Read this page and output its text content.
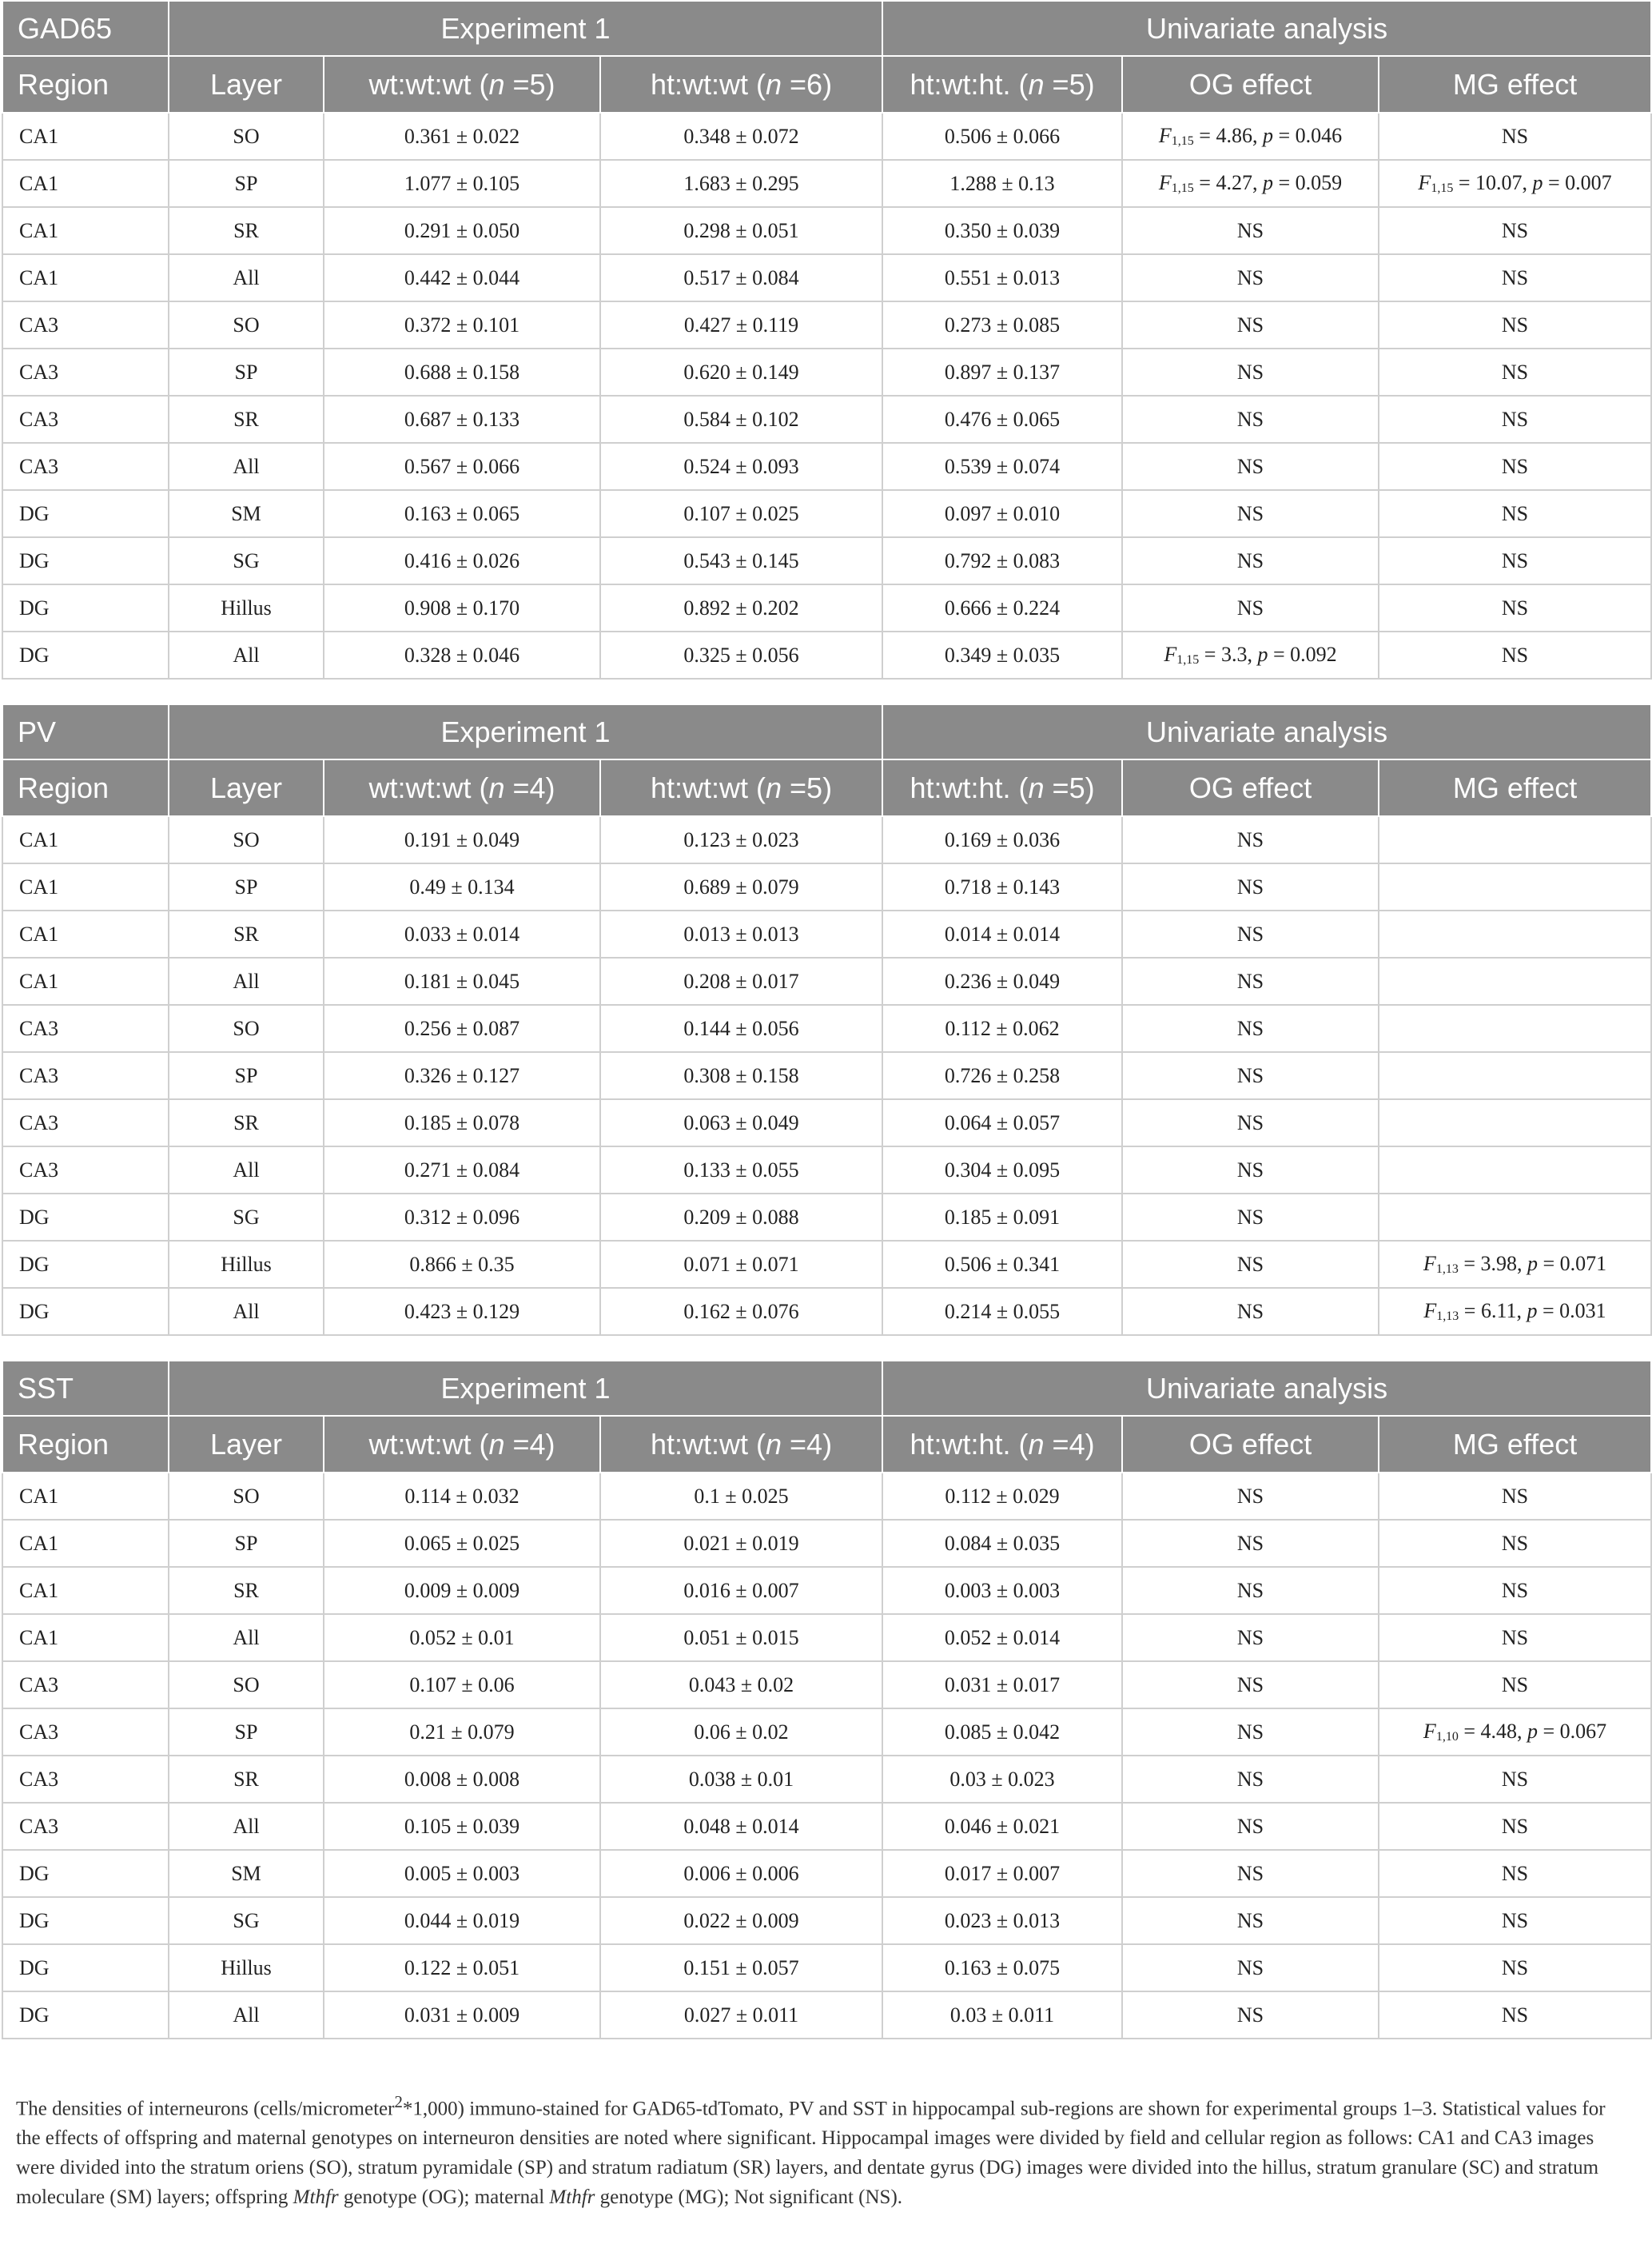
GAD65	Experiment 1			Univariate analysis		
Region	Layer	wt:wt:wt (n =5)	ht:wt:wt (n =6)	ht:wt:ht. (n =5)	OG effect	MG effect
CA1	SO	0.361 ± 0.022	0.348 ± 0.072	0.506 ± 0.066	$F_{1,15} = 4.86$, p = 0.046	NS
CA1	SP	1.077 ± 0.105	1.683 ± 0.295	1.288 ± 0.13	$F_{1,15} = 4.27$, p = 0.059	$F_{1,15} = 10.07$, p = 0.007
CA1	SR	0.291 ± 0.050	0.298 ± 0.051	0.350 ± 0.039	NS	NS
CA1	All	0.442 ± 0.044	0.517 ± 0.084	0.551 ± 0.013	NS	NS
CA3	SO	0.372 ± 0.101	0.427 ± 0.119	0.273 ± 0.085	NS	NS
CA3	SP	0.688 ± 0.158	0.620 ± 0.149	0.897 ± 0.137	NS	NS
CA3	SR	0.687 ± 0.133	0.584 ± 0.102	0.476 ± 0.065	NS	NS
CA3	All	0.567 ± 0.066	0.524 ± 0.093	0.539 ± 0.074	NS	NS
DG	SM	0.163 ± 0.065	0.107 ± 0.025	0.097 ± 0.010	NS	NS
DG	SG	0.416 ± 0.026	0.543 ± 0.145	0.792 ± 0.083	NS	NS
DG	Hillus	0.908 ± 0.170	0.892 ± 0.202	0.666 ± 0.224	NS	NS
DG	All	0.328 ± 0.046	0.325 ± 0.056	0.349 ± 0.035	$F_{1,15} = 3.3$, p = 0.092	NS
PV	Experiment 1			Univariate analysis		
Region	Layer	wt:wt:wt (n =4)	ht:wt:wt (n =5)	ht:wt:ht. (n =5)	OG effect	MG effect
CA1	SO	0.191 ± 0.049	0.123 ± 0.023	0.169 ± 0.036	NS	
CA1	SP	0.49 ± 0.134	0.689 ± 0.079	0.718 ± 0.143	NS	
CA1	SR	0.033 ± 0.014	0.013 ± 0.013	0.014 ± 0.014	NS	
CA1	All	0.181 ± 0.045	0.208 ± 0.017	0.236 ± 0.049	NS	
CA3	SO	0.256 ± 0.087	0.144 ± 0.056	0.112 ± 0.062	NS	
CA3	SP	0.326 ± 0.127	0.308 ± 0.158	0.726 ± 0.258	NS	
CA3	SR	0.185 ± 0.078	0.063 ± 0.049	0.064 ± 0.057	NS	
CA3	All	0.271 ± 0.084	0.133 ± 0.055	0.304 ± 0.095	NS	
DG	SG	0.312 ± 0.096	0.209 ± 0.088	0.185 ± 0.091	NS	
DG	Hillus	0.866 ± 0.35	0.071 ± 0.071	0.506 ± 0.341	NS	$F_{1,13} = 3.98$, p = 0.071
DG	All	0.423 ± 0.129	0.162 ± 0.076	0.214 ± 0.055	NS	$F_{1,13} = 6.11$, p = 0.031
SST	Experiment 1			Univariate analysis		
Region	Layer	wt:wt:wt (n =4)	ht:wt:wt (n =4)	ht:wt:ht. (n =4)	OG effect	MG effect
CA1	SO	0.114 ± 0.032	0.1 ± 0.025	0.112 ± 0.029	NS	NS
CA1	SP	0.065 ± 0.025	0.021 ± 0.019	0.084 ± 0.035	NS	NS
CA1	SR	0.009 ± 0.009	0.016 ± 0.007	0.003 ± 0.003	NS	NS
CA1	All	0.052 ± 0.01	0.051 ± 0.015	0.052 ± 0.014	NS	NS
CA3	SO	0.107 ± 0.06	0.043 ± 0.02	0.031 ± 0.017	NS	NS
CA3	SP	0.21 ± 0.079	0.06 ± 0.02	0.085 ± 0.042	NS	$F_{1,10} = 4.48$, p = 0.067
CA3	SR	0.008 ± 0.008	0.038 ± 0.01	0.03 ± 0.023	NS	NS
CA3	All	0.105 ± 0.039	0.048 ± 0.014	0.046 ± 0.021	NS	NS
DG	SM	0.005 ± 0.003	0.006 ± 0.006	0.017 ± 0.007	NS	NS
DG	SG	0.044 ± 0.019	0.022 ± 0.009	0.023 ± 0.013	NS	NS
DG	Hillus	0.122 ± 0.051	0.151 ± 0.057	0.163 ± 0.075	NS	NS
DG	All	0.031 ± 0.009	0.027 ± 0.011	0.03 ± 0.011	NS	NS

The densities of interneurons (cells/micrometer$^2$*1,000) immuno-stained for GAD65-tdTomato, PV and SST in hippocampal sub-regions are shown for experimental groups 1–3. Statistical values for the effects of offspring and maternal genotypes on interneuron densities are noted where significant. Hippocampal images were divided by field and cellular region as follows: CA1 and CA3 images were divided into the stratum oriens (SO), stratum pyramidale (SP) and stratum radiatum (SR) layers, and dentate gyrus (DG) images were divided into the hillus, stratum granulare (SC) and stratum moleculare (SM) layers; offspring Mthfr genotype (OG); maternal Mthfr genotype (MG); Not significant (NS).
